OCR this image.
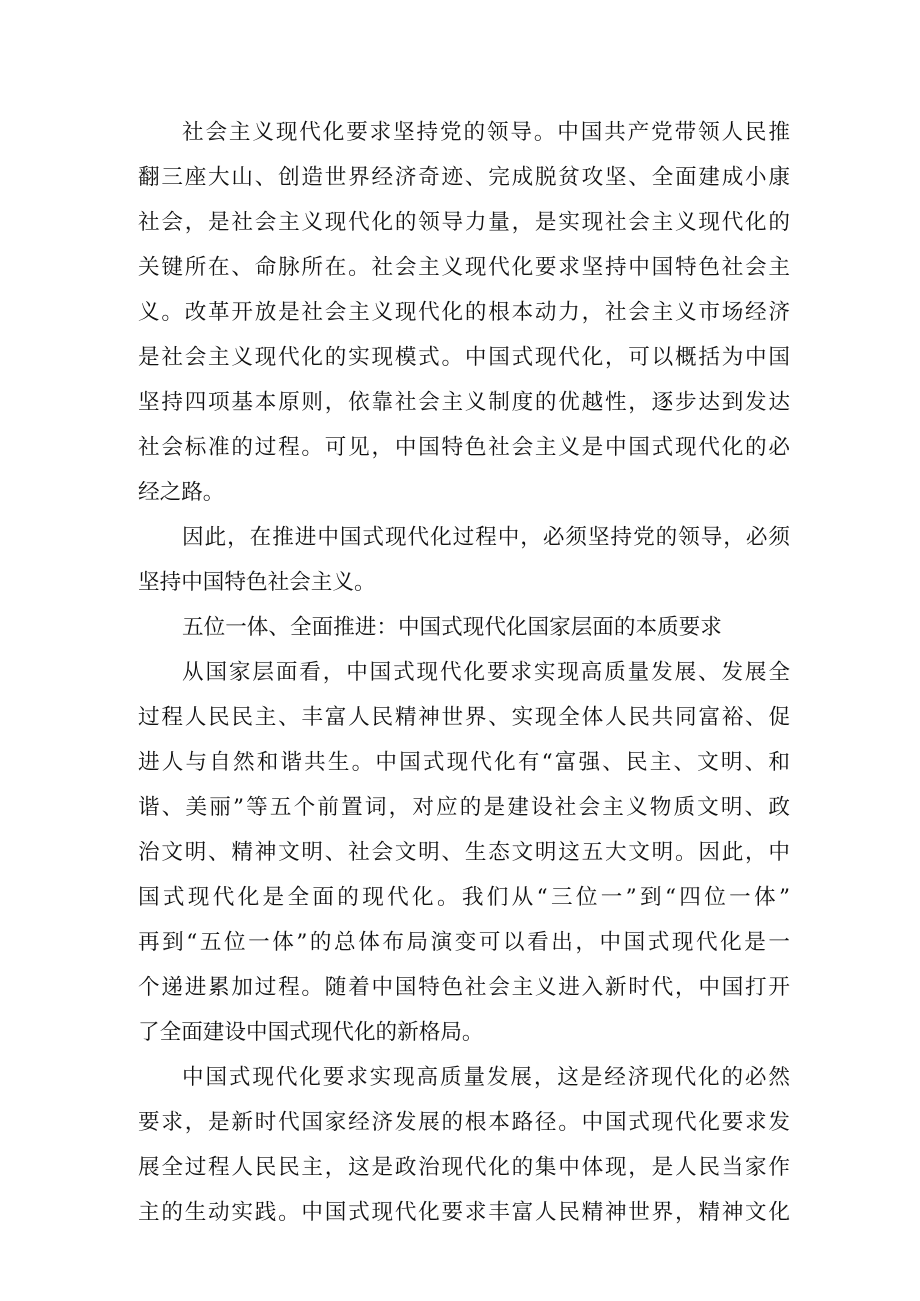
社会主义现代化要求坚持党的领导。中国共产党带领人民推

翻三座大山、创造世界经济奇迹、完成脱贫攻坚、全面建成小康

社会，是社会主义现代化的领导力量，是实现社会主义现代化的

关键所在、命脉所在。社会主义现代化要求坚持中国特色社会主

义。改革开放是社会主义现代化的根本动力，社会主义市场经济

是社会主义现代化的实现模式。中国式现代化，可以概括为中国

坚持四项基本原则，依靠社会主义制度的优越性，逐步达到发达

社会标准的过程。可见，中国特色社会主义是中国式现代化的必

经之路。

因此，在推进中国式现代化过程中，必须坚持党的领导，必须

坚持中国特色社会主义。

五位一体、全面推进：中国式现代化国家层面的本质要求

从国家层面看，中国式现代化要求实现高质量发展、发展全

过程人民民主、丰富人民精神世界、实现全体人民共同富裕、促

进人与自然和谐共生。中国式现代化有“富强、民主、文明、和

谐、美丽”等五个前置词，对应的是建设社会主义物质文明、政

治文明、精神文明、社会文明、生态文明这五大文明。因此，中

国式现代化是全面的现代化。我们从“三位一”到“四位一体”

再到“五位一体”的总体布局演变可以看出，中国式现代化是一

个递进累加过程。随着中国特色社会主义进入新时代，中国打开

了全面建设中国式现代化的新格局。

中国式现代化要求实现高质量发展，这是经济现代化的必然

要求，是新时代国家经济发展的根本路径。中国式现代化要求发

展全过程人民民主，这是政治现代化的集中体现，是人民当家作

主的生动实践。中国式现代化要求丰富人民精神世界，精神文化
